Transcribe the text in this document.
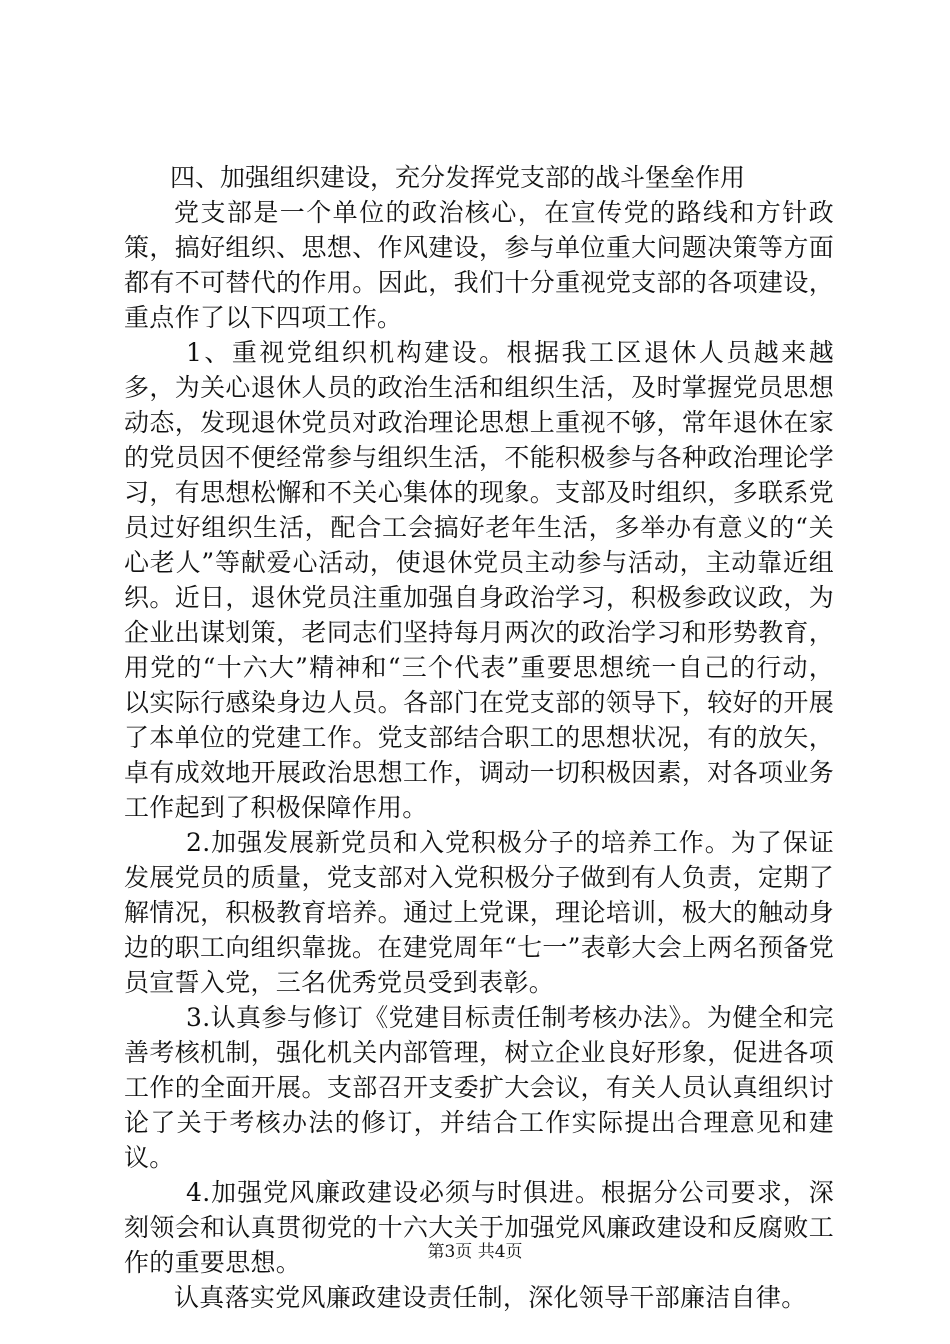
四、加强组织建设，充分发挥党支部的战斗堡垒作用

党支部是一个单位的政治核心，在宣传党的路线和方针政策，搞好组织、思想、作风建设，参与单位重大问题决策等方面都有不可替代的作用。因此，我们十分重视党支部的各项建设，重点作了以下四项工作。

1、重视党组织机构建设。根据我工区退休人员越来越多，为关心退休人员的政治生活和组织生活，及时掌握党员思想动态，发现退休党员对政治理论思想上重视不够，常年退休在家的党员因不便经常参与组织生活，不能积极参与各种政治理论学习，有思想松懈和不关心集体的现象。支部及时组织，多联系党员过好组织生活，配合工会搞好老年生活，多举办有意义的“关心老人”等献爱心活动，使退休党员主动参与活动，主动靠近组织。近日，退休党员注重加强自身政治学习，积极参政议政，为企业出谋划策，老同志们坚持每月两次的政治学习和形势教育，用党的“十六大”精神和“三个代表”重要思想统一自己的行动，以实际行感染身边人员。各部门在党支部的领导下，较好的开展了本单位的党建工作。党支部结合职工的思想状况，有的放矢，卓有成效地开展政治思想工作，调动一切积极因素，对各项业务工作起到了积极保障作用。

2.加强发展新党员和入党积极分子的培养工作。为了保证发展党员的质量，党支部对入党积极分子做到有人负责，定期了解情况，积极教育培养。通过上党课，理论培训，极大的触动身边的职工向组织靠拢。在建党周年“七一”表彰大会上两名预备党员宣誓入党，三名优秀党员受到表彰。

3.认真参与修订《党建目标责任制考核办法》。为健全和完善考核机制，强化机关内部管理，树立企业良好形象，促进各项工作的全面开展。支部召开支委扩大会议，有关人员认真组织讨论了关于考核办法的修订，并结合工作实际提出合理意见和建议。

4.加强党风廉政建设必须与时俱进。根据分公司要求，深刻领会和认真贯彻党的十六大关于加强党风廉政建设和反腐败工作的重要思想。

认真落实党风廉政建设责任制，深化领导干部廉洁自律。

第3页 共4页
